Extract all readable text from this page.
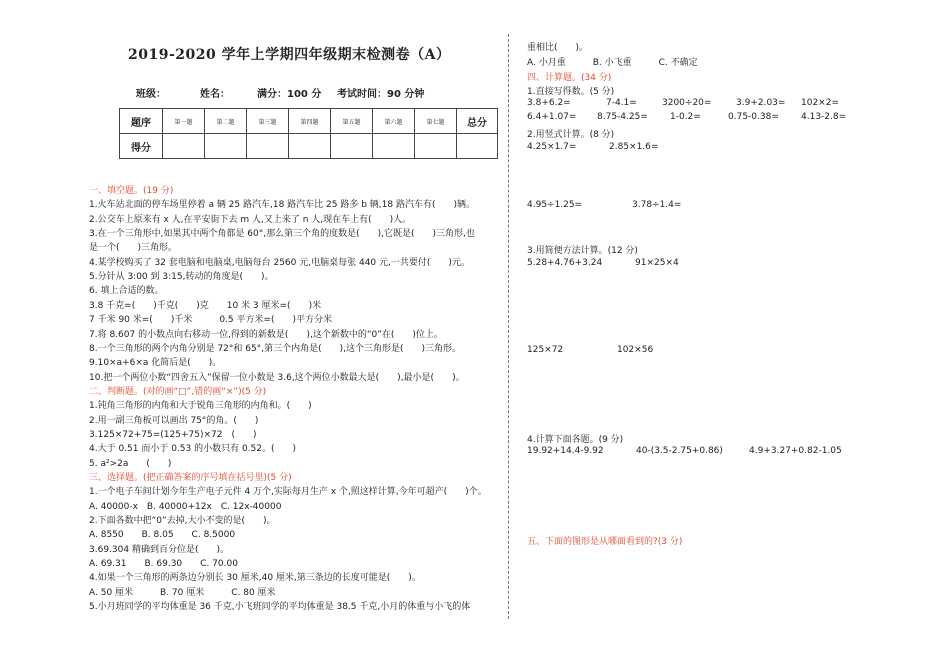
2019-2020 学年上学期四年级期末检测卷（A）
班级：	姓名：	满分：100 分 考试时间：90 分钟
题序	第一题	第二题	第三题	第四题	第五题	第六题	第七题	总分
得分								
一、填空题。(19 分)
1.火车站北面的停车场里停着 a 辆 25 路汽车,18 路汽车比 25 路多 b 辆,18 路汽车有(　　)辆。
2.公交车上原来有 x 人,在平安街下去 m 人,又上来了 n 人,现在车上有(　　)人。
3.在一个三角形中,如果其中两个角都是 60°,那么第三个角的度数是(　　),它既是(　　)三角形,也
是一个(　　)三角形。
4.某学校购买了 32 套电脑和电脑桌,电脑每台 2560 元,电脑桌每张 440 元,一共要付(　　)元。
5.分针从 3:00 到 3:15,转动的角度是(　　)。
6. 填上合适的数。
3.8 千克=(　　)千克(　　)克　　10 米 3 厘米=(　　)米
7 千米 90 米=(　　)千米　　　0.5 平方米=(　　)平方分米
7.将 8.607 的小数点向右移动一位,得到的新数是(　　),这个新数中的“0”在(　　)位上。
8.一个三角形的两个内角分别是 72°和 65°,第三个内角是(　　),这个三角形是(　　)三角形。
9.10×a+6×a 化简后是(　　)。
10.把一个两位小数“四舍五入”保留一位小数是 3.6,这个两位小数最大是(　　),最小是(　　)。
二、判断题。(对的画“□”,错的画“×”)(5 分)
1.钝角三角形的内角和大于锐角三角形的内角和。(　　)
2.用一副三角板可以画出 75°的角。(　　)
3.125×72+75=(125+75)×72　(　　)
4.大于 0.51 而小于 0.53 的小数只有 0.52。(　　)
5. a²>2a　　(　　)
三、选择题。(把正确答案的序号填在括号里)(5 分)
1.一个电子车间计划今年生产电子元件 4 万个,实际每月生产 x 个,照这样计算,今年可超产(　　)个。
A. 40000-x　B. 40000+12x　C. 12x-40000
2.下面各数中把“0”去掉,大小不变的是(　　)。
A. 8550　　B. 8.05　　C. 8.5000
3.69.304 精确到百分位是(　　)。
A. 69.31　　B. 69.30　　C. 70.00
4.如果一个三角形的两条边分别长 30 厘米,40 厘米,第三条边的长度可能是(　　)。
A. 50 厘米　　　B. 70 厘米　　　C. 80 厘米
5.小月班同学的平均体重是 36 千克,小飞班同学的平均体重是 38.5 千克,小月的体重与小飞的体
重相比(　　)。
A. 小月重　　　B. 小飞重　　　C. 不确定
四、计算题。(34 分)
1.直接写得数。(5 分)
3.8+6.2=	7-4.1=	3200÷20=	3.9+2.03= 102×2=
6.4+1.07= 8.75-4.25= 1-0.2=	0.75-0.38= 4.13-2.8=
2.用竖式计算。(8 分)
4.25×1.7=	2.85×1.6=
4.95÷1.25=	3.78÷1.4=
3.用简便方法计算。(12 分)
5.28+4.76+3.24	91×25×4
125×72	102×56
4.计算下面各题。(9 分)
19.92+14.4-9.92	40-(3.5-2.75+0.86)	4.9+3.27+0.82-1.05
五、下面的图形是从哪面看到的?(3 分)
